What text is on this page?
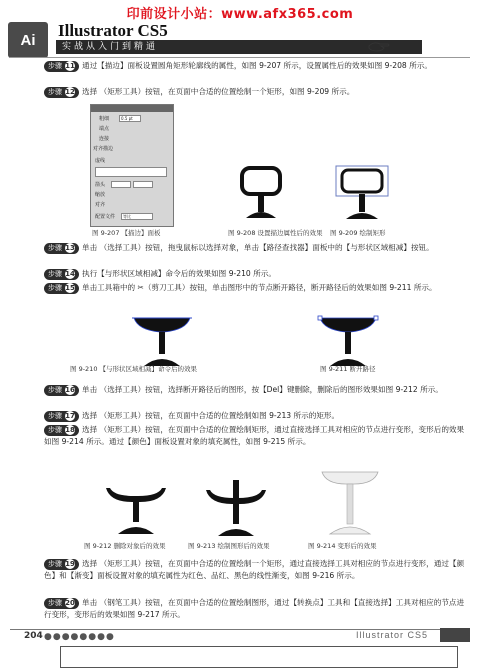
印前设计小站：www.afx365.com
Ai	Illustrator CS5
实战从入门到精通
步骤 11 通过【描边】面板设置圆角矩形轮廓线的属性，如图 9-207 所示，设置属性后的效果如图 9-208 所示。
步骤 12 选择 （矩形工具）按钮，在页面中合适的位置绘制一个矩形，如图 9-209 所示。
粗细	0.5 pt
端点
连接
对齐描边
虚线
箭头
缩放
对齐
配置文件 等比
图 9-207 【描边】面板	图 9-208 设置描边属性后的效果 图 9-209 绘制矩形
步骤 13 单击 （选择工具）按钮，拖曳鼠标以选择对象，单击【路径查找器】面板中的【与形状区域相减】按钮。
步骤 14 执行【与形状区域相减】命令后的效果如图 9-210 所示。
步骤 15 单击工具箱中的 ✂（剪刀工具）按钮，单击图形中的节点断开路径，断开路径后的效果如图 9-211 所示。
图 9-210 【与形状区域相减】命令后的效果	图 9-211 断开路径
步骤 16 单击 （选择工具）按钮，选择断开路径后的图形，按【Del】键删除，删除后的图形效果如图 9-212 所示。
步骤 17 选择 （矩形工具）按钮，在页面中合适的位置绘制如图 9-213 所示的矩形。
步骤 18 选择 （矩形工具）按钮，在页面中合适的位置绘制矩形，通过直接选择工具对相应的节点进行变形，变形后的效果如图 9-214 所示。通过【颜色】面板设置对象的填充属性，如图 9-215 所示。
图 9-212 删除对象后的效果	图 9-213 绘制图形后的效果	图 9-214 变形后的效果
步骤 19 选择 （矩形工具）按钮，在页面中合适的位置绘制一个矩形，通过直接选择工具对相应的节点进行变形，通过【颜色】和【渐变】面板设置对象的填充属性为红色、品红、黑色的线性渐变，如图 9-216 所示。
步骤 20 单击 （钢笔工具）按钮，在页面中合适的位置绘制图形，通过【转换点】工具和【直接选择】工具对相应的节点进行变形，变形后的效果如图 9-217 所示。
204 ●●●●●●●●	Illustrator CS5
